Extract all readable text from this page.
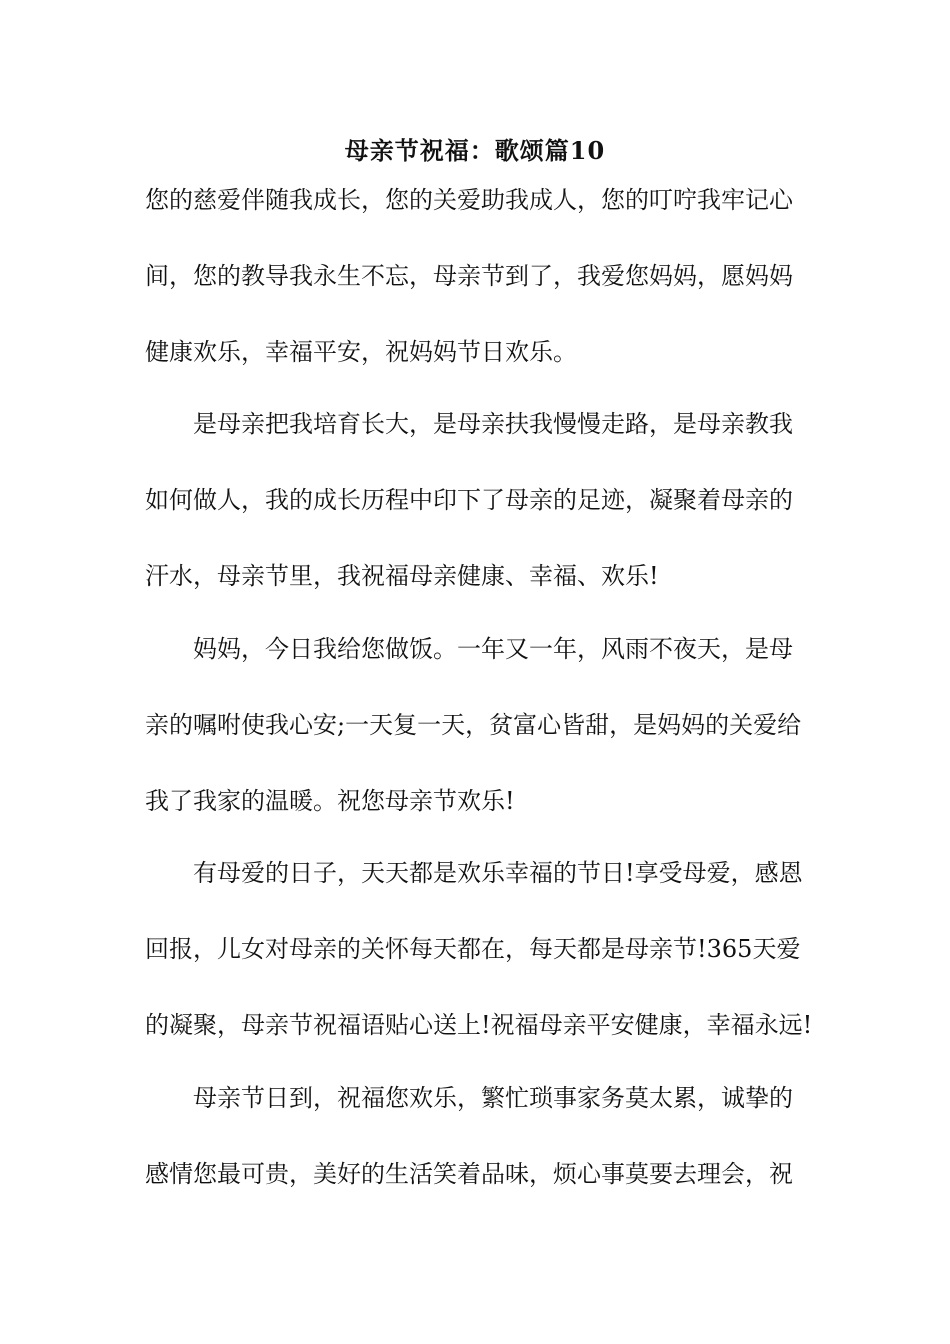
母亲节祝福：歌颂篇10
您的慈爱伴随我成长，您的关爱助我成人，您的叮咛我牢记心
间，您的教导我永生不忘，母亲节到了，我爱您妈妈，愿妈妈
健康欢乐，幸福平安，祝妈妈节日欢乐。
　　是母亲把我培育长大，是母亲扶我慢慢走路，是母亲教我
如何做人，我的成长历程中印下了母亲的足迹，凝聚着母亲的
汗水，母亲节里，我祝福母亲健康、幸福、欢乐!
　　妈妈，今日我给您做饭。一年又一年，风雨不夜天，是母
亲的嘱咐使我心安;一天复一天，贫富心皆甜，是妈妈的关爱给
我了我家的温暖。祝您母亲节欢乐!
　　有母爱的日子，天天都是欢乐幸福的节日!享受母爱，感恩
回报，儿女对母亲的关怀每天都在，每天都是母亲节!365天爱
的凝聚，母亲节祝福语贴心送上!祝福母亲平安健康，幸福永远!
　　母亲节日到，祝福您欢乐，繁忙琐事家务莫太累，诚挚的
感情您最可贵，美好的生活笑着品味，烦心事莫要去理会，祝
